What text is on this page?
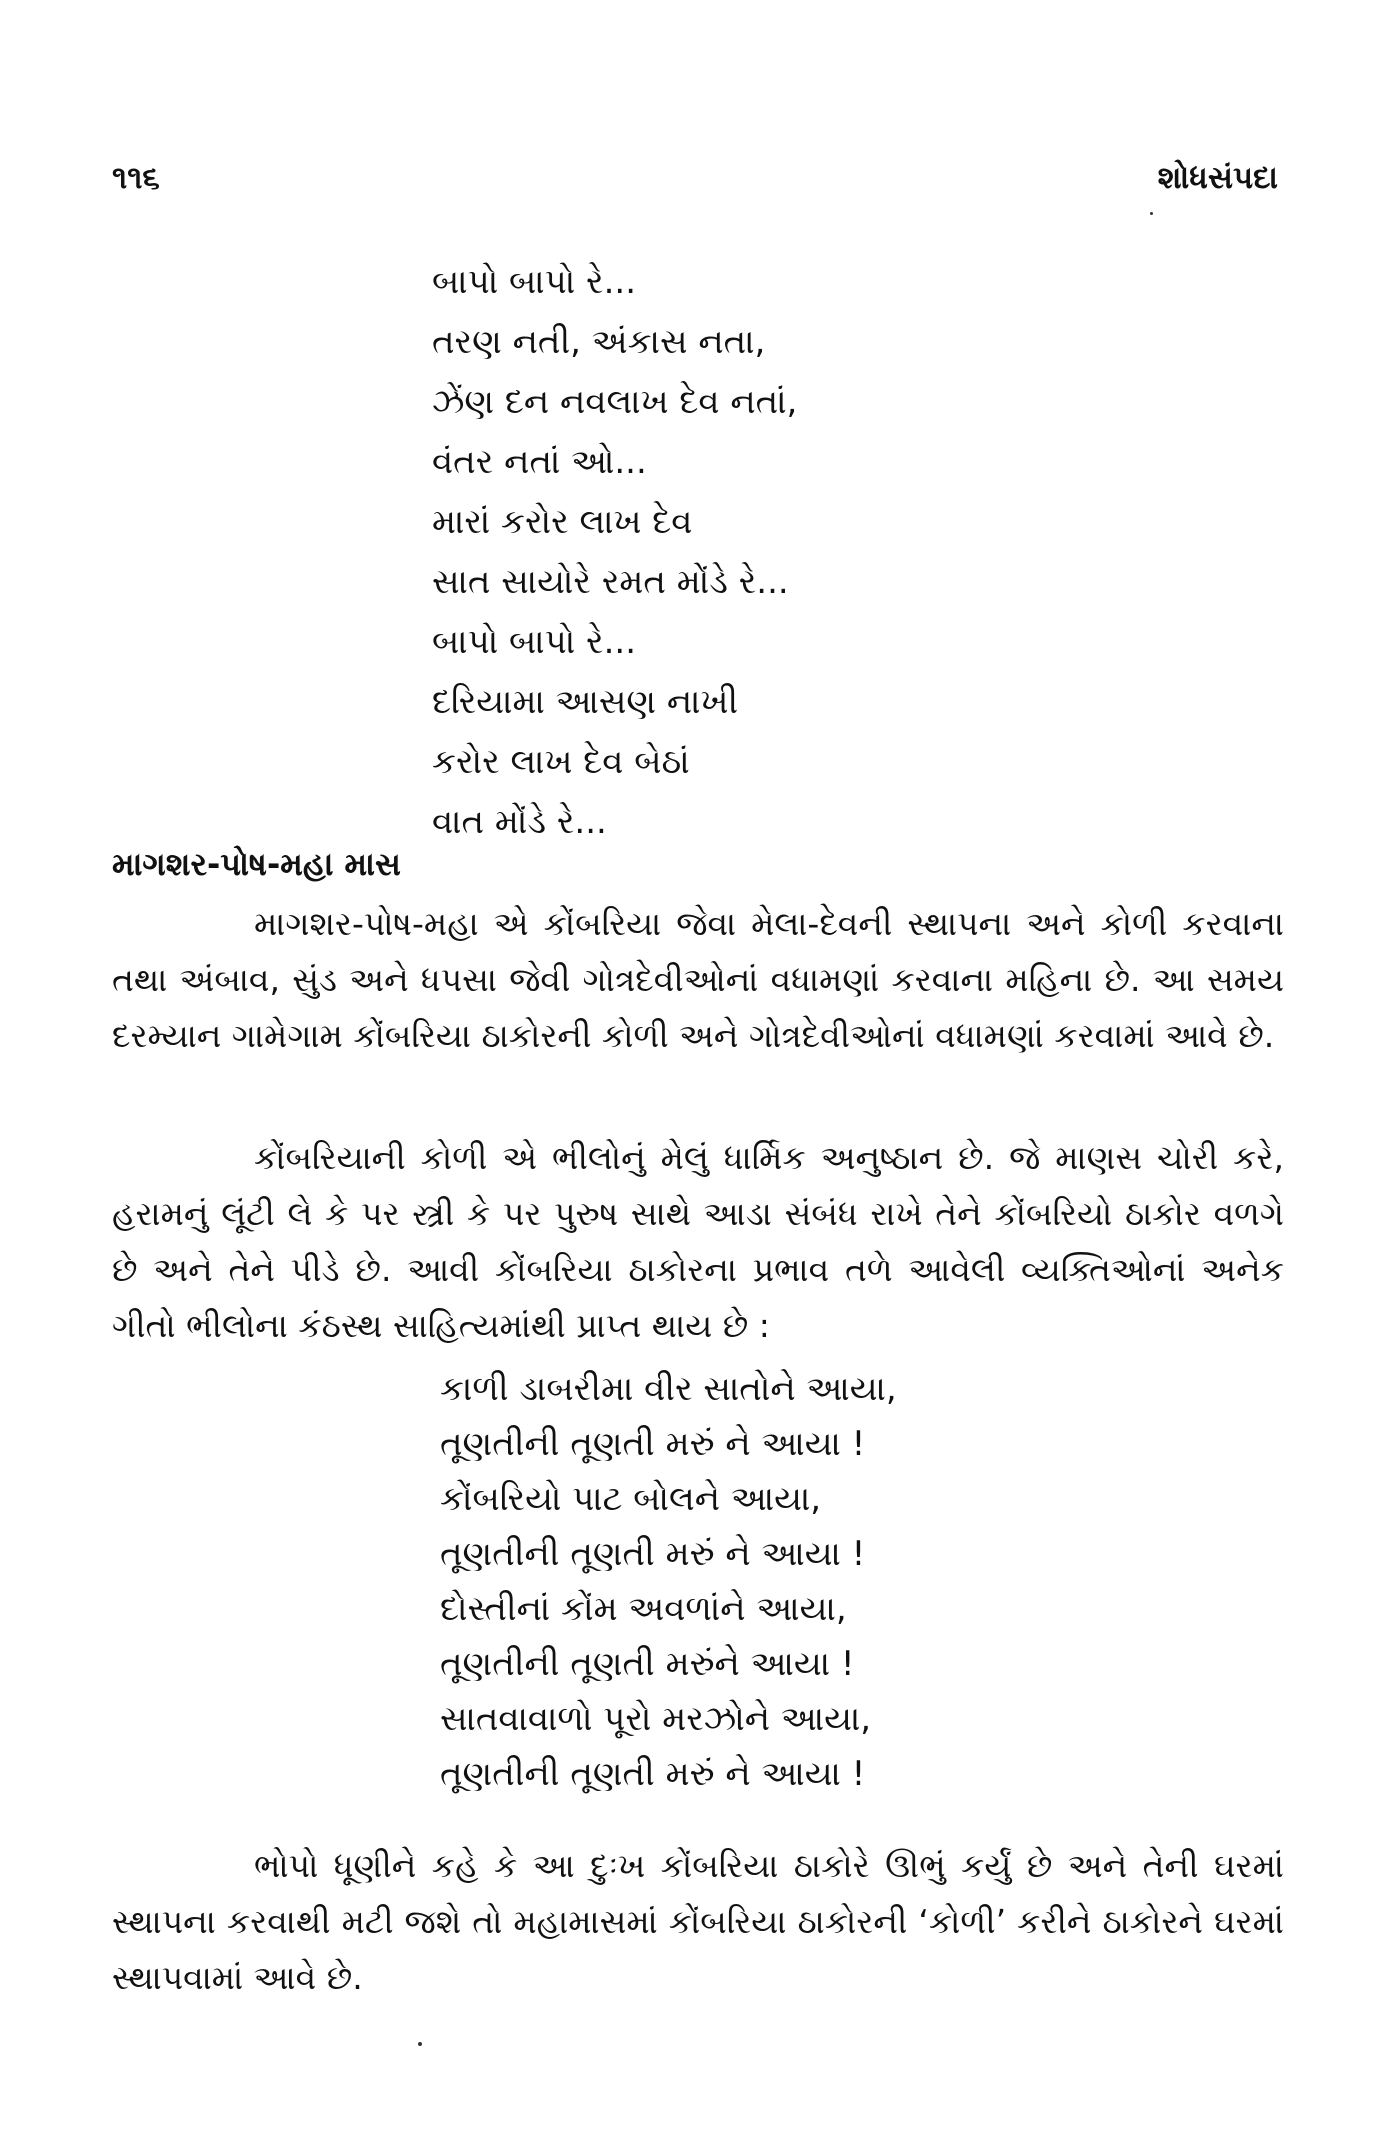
૧૧૬	શોધસંપદા
બાપો બાપો રે...
તરણ નતી, અંકાસ નતા,
ઝેંણ દન નવલાખ દેવ નતાં,
વંતર નતાં ઓ...
મારાં કરોર લાખ દેવ
સાત સાયોરે રમત મોંડે રે...
બાપો બાપો રે...
દરિયામા આસણ નાખી
કરોર લાખ દેવ બેઠાં
વાત મોંડે રે...
માગશર-પોષ-મહા માસ

માગશર-પોષ-મહા એ કોંબરિયા જેવા મેલા-દેવની સ્થાપના અને કોળી કરવાના તથા અંબાવ, સુંડ અને ધપસા જેવી ગોત્રદેવીઓનાં વધામણાં કરવાના મહિના છે. આ સમય દરમ્યાન ગામેગામ કોંબરિયા ઠાકોરની કોળી અને ગોત્રદેવીઓનાં વધામણાં કરવામાં આવે છે.

કોંબરિયાની કોળી એ ભીલોનું મેલું ધાર્મિક અનુષ્ઠાન છે. જે માણસ ચોરી કરે, હરામનું લૂંટી લે કે પર સ્ત્રી કે પર પુરુષ સાથે આડા સંબંધ રાખે તેને કોંબરિયો ઠાકોર વળગે છે અને તેને પીડે છે. આવી કોંબરિયા ઠાકોરના પ્રભાવ તળે આવેલી વ્યક્તિઓનાં અનેક ગીતો ભીલોના કંઠસ્થ સાહિત્યમાંથી પ્રાપ્ત થાય છે :

કાળી ડાબરીમા વીર સાતોને આયા,
તૂણતીની તૂણતી મરું ને આયા !
કોંબરિયો પાટ બોલને આયા,
તૂણતીની તૂણતી મરું ને આયા !
દોસ્તીનાં કોંમ અવળાંને આયા,
તૂણતીની તૂણતી મરુંને આયા !
સાતવાવાળો પૂરો મરઝોને આયા,
તૂણતીની તૂણતી મરું ને આયા !

ભોપો ધૂણીને કહે કે આ દુઃખ કોંબરિયા ઠાકોરે ઊભું કર્યું છે અને તેની ઘરમાં સ્થાપના કરવાથી મટી જશે તો મહામાસમાં કોંબરિયા ઠાકોરની ‘કોળી’ કરીને ઠાકોરને ઘરમાં સ્થાપવામાં આવે છે.
